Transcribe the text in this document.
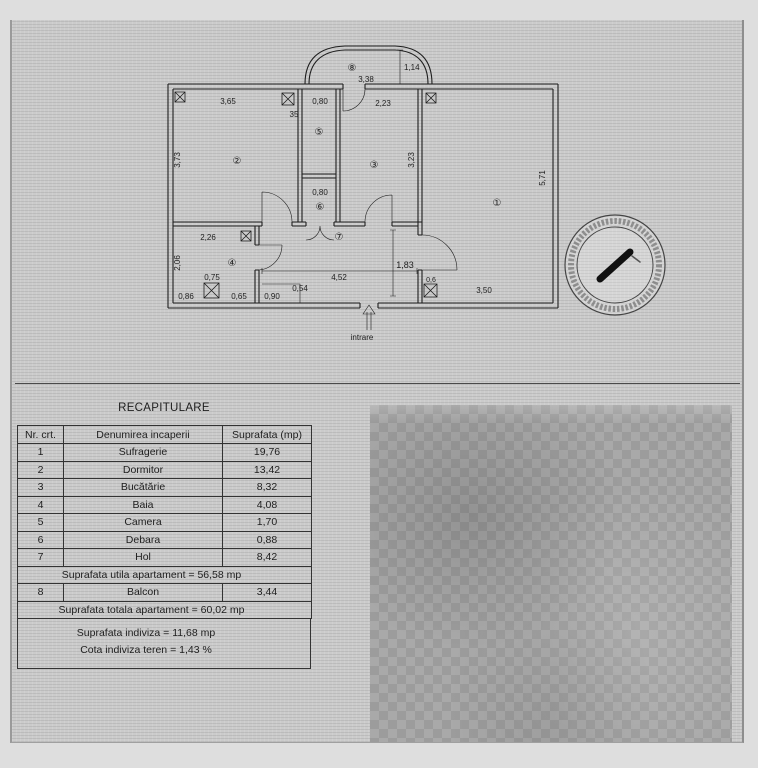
⑧
3,38
1,14
3,65	0,80
35
2,23
⑤
②
3,73	③	3,23
5,71
①
0,80
⑥
2,26
2,06	④
0,75
0,86	0,65 0,90
0,54
⑦
4,52
1,83
0,6
3,50
intrare
RECAPITULARE
Nr. crt.	Denumirea incaperii	Suprafata (mp)
1	Sufragerie	19,76
2	Dormitor	13,42
3	Bucătărie	8,32
4	Baia	4,08
5	Camera	1,70
6	Debara	0,88
7	Hol	8,42
Suprafata utila apartament = 56,58 mp		
8	Balcon	3,44
Suprafata totala apartament = 60,02 mp		
Suprafata indiviza = 11,68 mp
Cota indiviza teren = 1,43 %
